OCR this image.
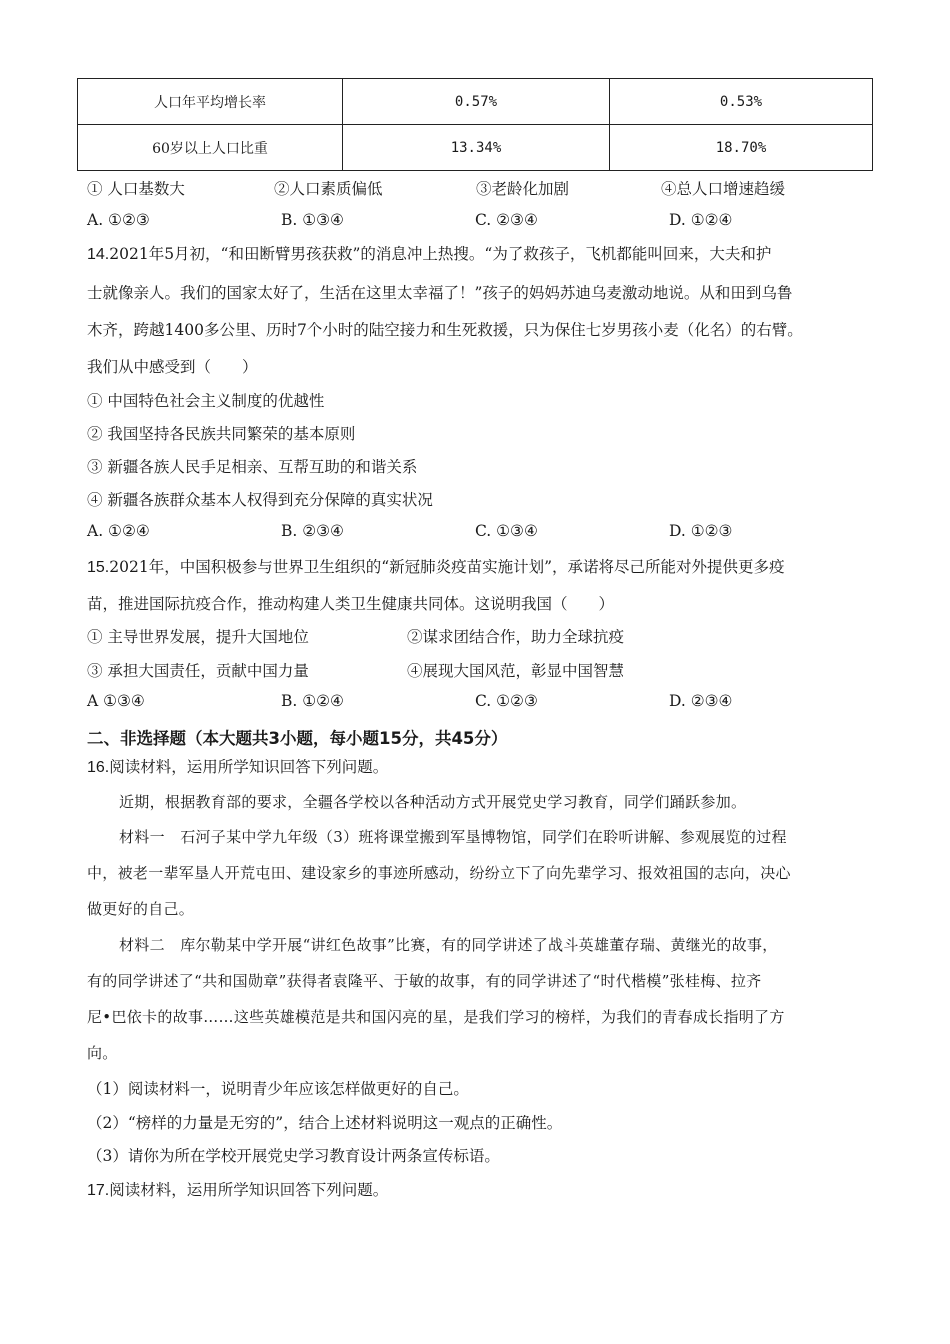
人口年平均增长率	0.57%	0.53%
60岁以上人口比重	13.34%	18.70%
① 人口基数大	②人口素质偏低	③老龄化加剧	④总人口增速趋缓
A. ①②③	B. ①③④	C. ②③④	D. ①②④
14.2021年5月初，“和田断臂男孩获救”的消息冲上热搜。“为了救孩子，飞机都能叫回来，大夫和护
士就像亲人。我们的国家太好了，生活在这里太幸福了！”孩子的妈妈苏迪乌麦激动地说。从和田到乌鲁
木齐，跨越1400多公里、历时7个小时的陆空接力和生死救援，只为保住七岁男孩小麦（化名）的右臂。
我们从中感受到（　　）
① 中国特色社会主义制度的优越性
② 我国坚持各民族共同繁荣的基本原则
③ 新疆各族人民手足相亲、互帮互助的和谐关系
④ 新疆各族群众基本人权得到充分保障的真实状况
A. ①②④	B. ②③④	C. ①③④	D. ①②③
15.2021年，中国积极参与世界卫生组织的“新冠肺炎疫苗实施计划”，承诺将尽己所能对外提供更多疫
苗，推进国际抗疫合作，推动构建人类卫生健康共同体。这说明我国（　　）
① 主导世界发展，提升大国地位	②谋求团结合作，助力全球抗疫
③ 承担大国责任，贡献中国力量	④展现大国风范，彰显中国智慧
A ①③④	B. ①②④	C. ①②③	D. ②③④
二、非选择题（本大题共3小题，每小题15分，共45分）
16.阅读材料，运用所学知识回答下列问题。
近期，根据教育部的要求，全疆各学校以各种活动方式开展党史学习教育，同学们踊跃参加。
材料一　石河子某中学九年级（3）班将课堂搬到军垦博物馆，同学们在聆听讲解、参观展览的过程
中，被老一辈军垦人开荒屯田、建设家乡的事迹所感动，纷纷立下了向先辈学习、报效祖国的志向，决心
做更好的自己。
材料二　库尔勒某中学开展“讲红色故事”比赛，有的同学讲述了战斗英雄董存瑞、黄继光的故事，
有的同学讲述了“共和国勋章”获得者袁隆平、于敏的故事，有的同学讲述了“时代楷模”张桂梅、拉齐
尼•巴依卡的故事……这些英雄模范是共和国闪亮的星，是我们学习的榜样，为我们的青春成长指明了方
向。
（1）阅读材料一，说明青少年应该怎样做更好的自己。
（2）“榜样的力量是无穷的”，结合上述材料说明这一观点的正确性。
（3）请你为所在学校开展党史学习教育设计两条宣传标语。
17.阅读材料，运用所学知识回答下列问题。
